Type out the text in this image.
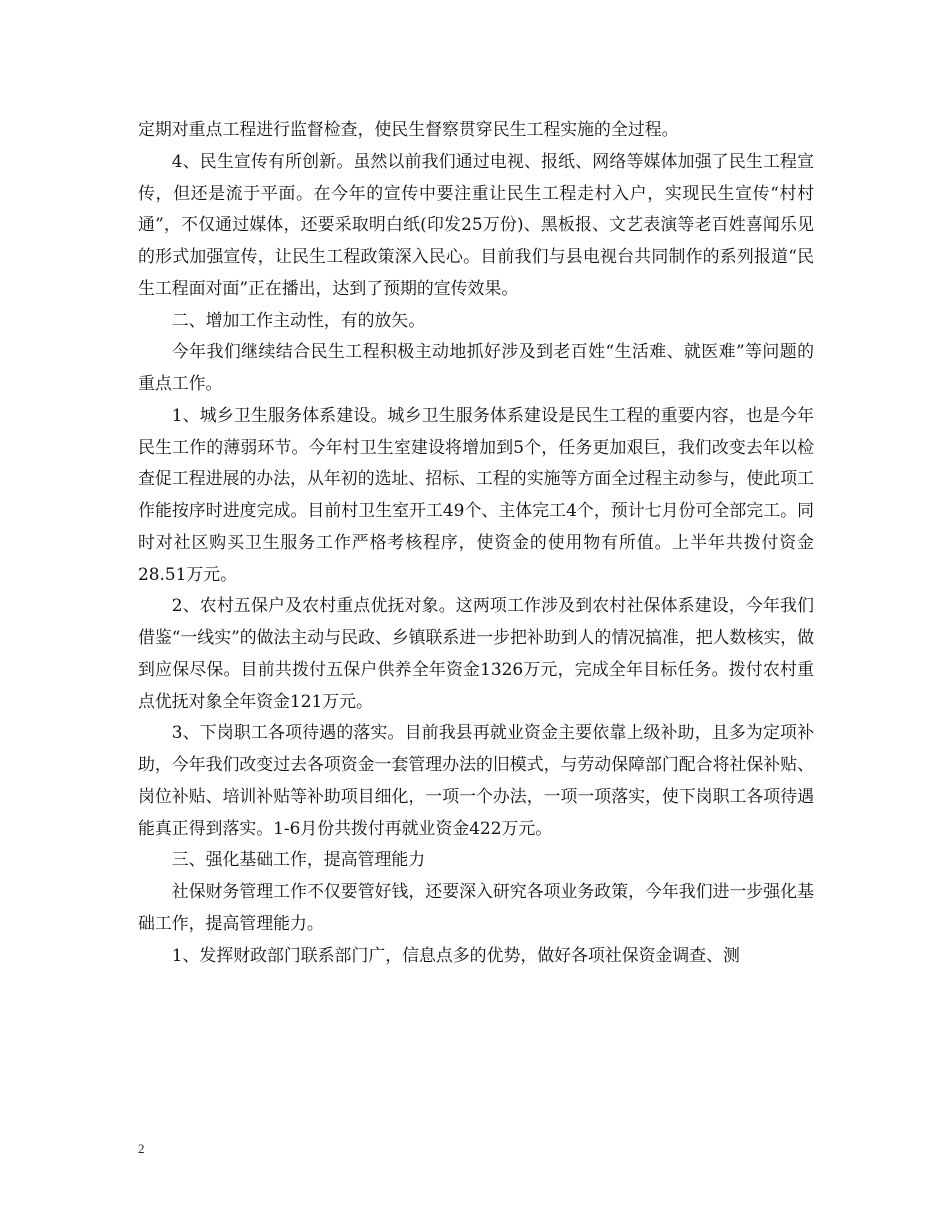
定期对重点工程进行监督检查，使民生督察贯穿民生工程实施的全过程。

4、民生宣传有所创新。虽然以前我们通过电视、报纸、网络等媒体加强了民生工程宣传，但还是流于平面。在今年的宣传中要注重让民生工程走村入户，实现民生宣传“村村通”，不仅通过媒体，还要采取明白纸(印发25万份)、黑板报、文艺表演等老百姓喜闻乐见的形式加强宣传，让民生工程政策深入民心。目前我们与县电视台共同制作的系列报道“民生工程面对面”正在播出，达到了预期的宣传效果。

二、增加工作主动性，有的放矢。

今年我们继续结合民生工程积极主动地抓好涉及到老百姓“生活难、就医难”等问题的重点工作。

1、城乡卫生服务体系建设。城乡卫生服务体系建设是民生工程的重要内容，也是今年民生工作的薄弱环节。今年村卫生室建设将增加到5个，任务更加艰巨，我们改变去年以检查促工程进展的办法，从年初的选址、招标、工程的实施等方面全过程主动参与，使此项工作能按序时进度完成。目前村卫生室开工49个、主体完工4个，预计七月份可全部完工。同时对社区购买卫生服务工作严格考核程序，使资金的使用物有所值。上半年共拨付资金28.51万元。

2、农村五保户及农村重点优抚对象。这两项工作涉及到农村社保体系建设，今年我们借鉴“一线实”的做法主动与民政、乡镇联系进一步把补助到人的情况搞准，把人数核实，做到应保尽保。目前共拨付五保户供养全年资金1326万元，完成全年目标任务。拨付农村重点优抚对象全年资金121万元。

3、下岗职工各项待遇的落实。目前我县再就业资金主要依靠上级补助，且多为定项补助，今年我们改变过去各项资金一套管理办法的旧模式，与劳动保障部门配合将社保补贴、岗位补贴、培训补贴等补助项目细化，一项一个办法，一项一项落实，使下岗职工各项待遇能真正得到落实。1-6月份共拨付再就业资金422万元。

三、强化基础工作，提高管理能力

社保财务管理工作不仅要管好钱，还要深入研究各项业务政策，今年我们进一步强化基础工作，提高管理能力。

1、发挥财政部门联系部门广，信息点多的优势，做好各项社保资金调查、测

2
